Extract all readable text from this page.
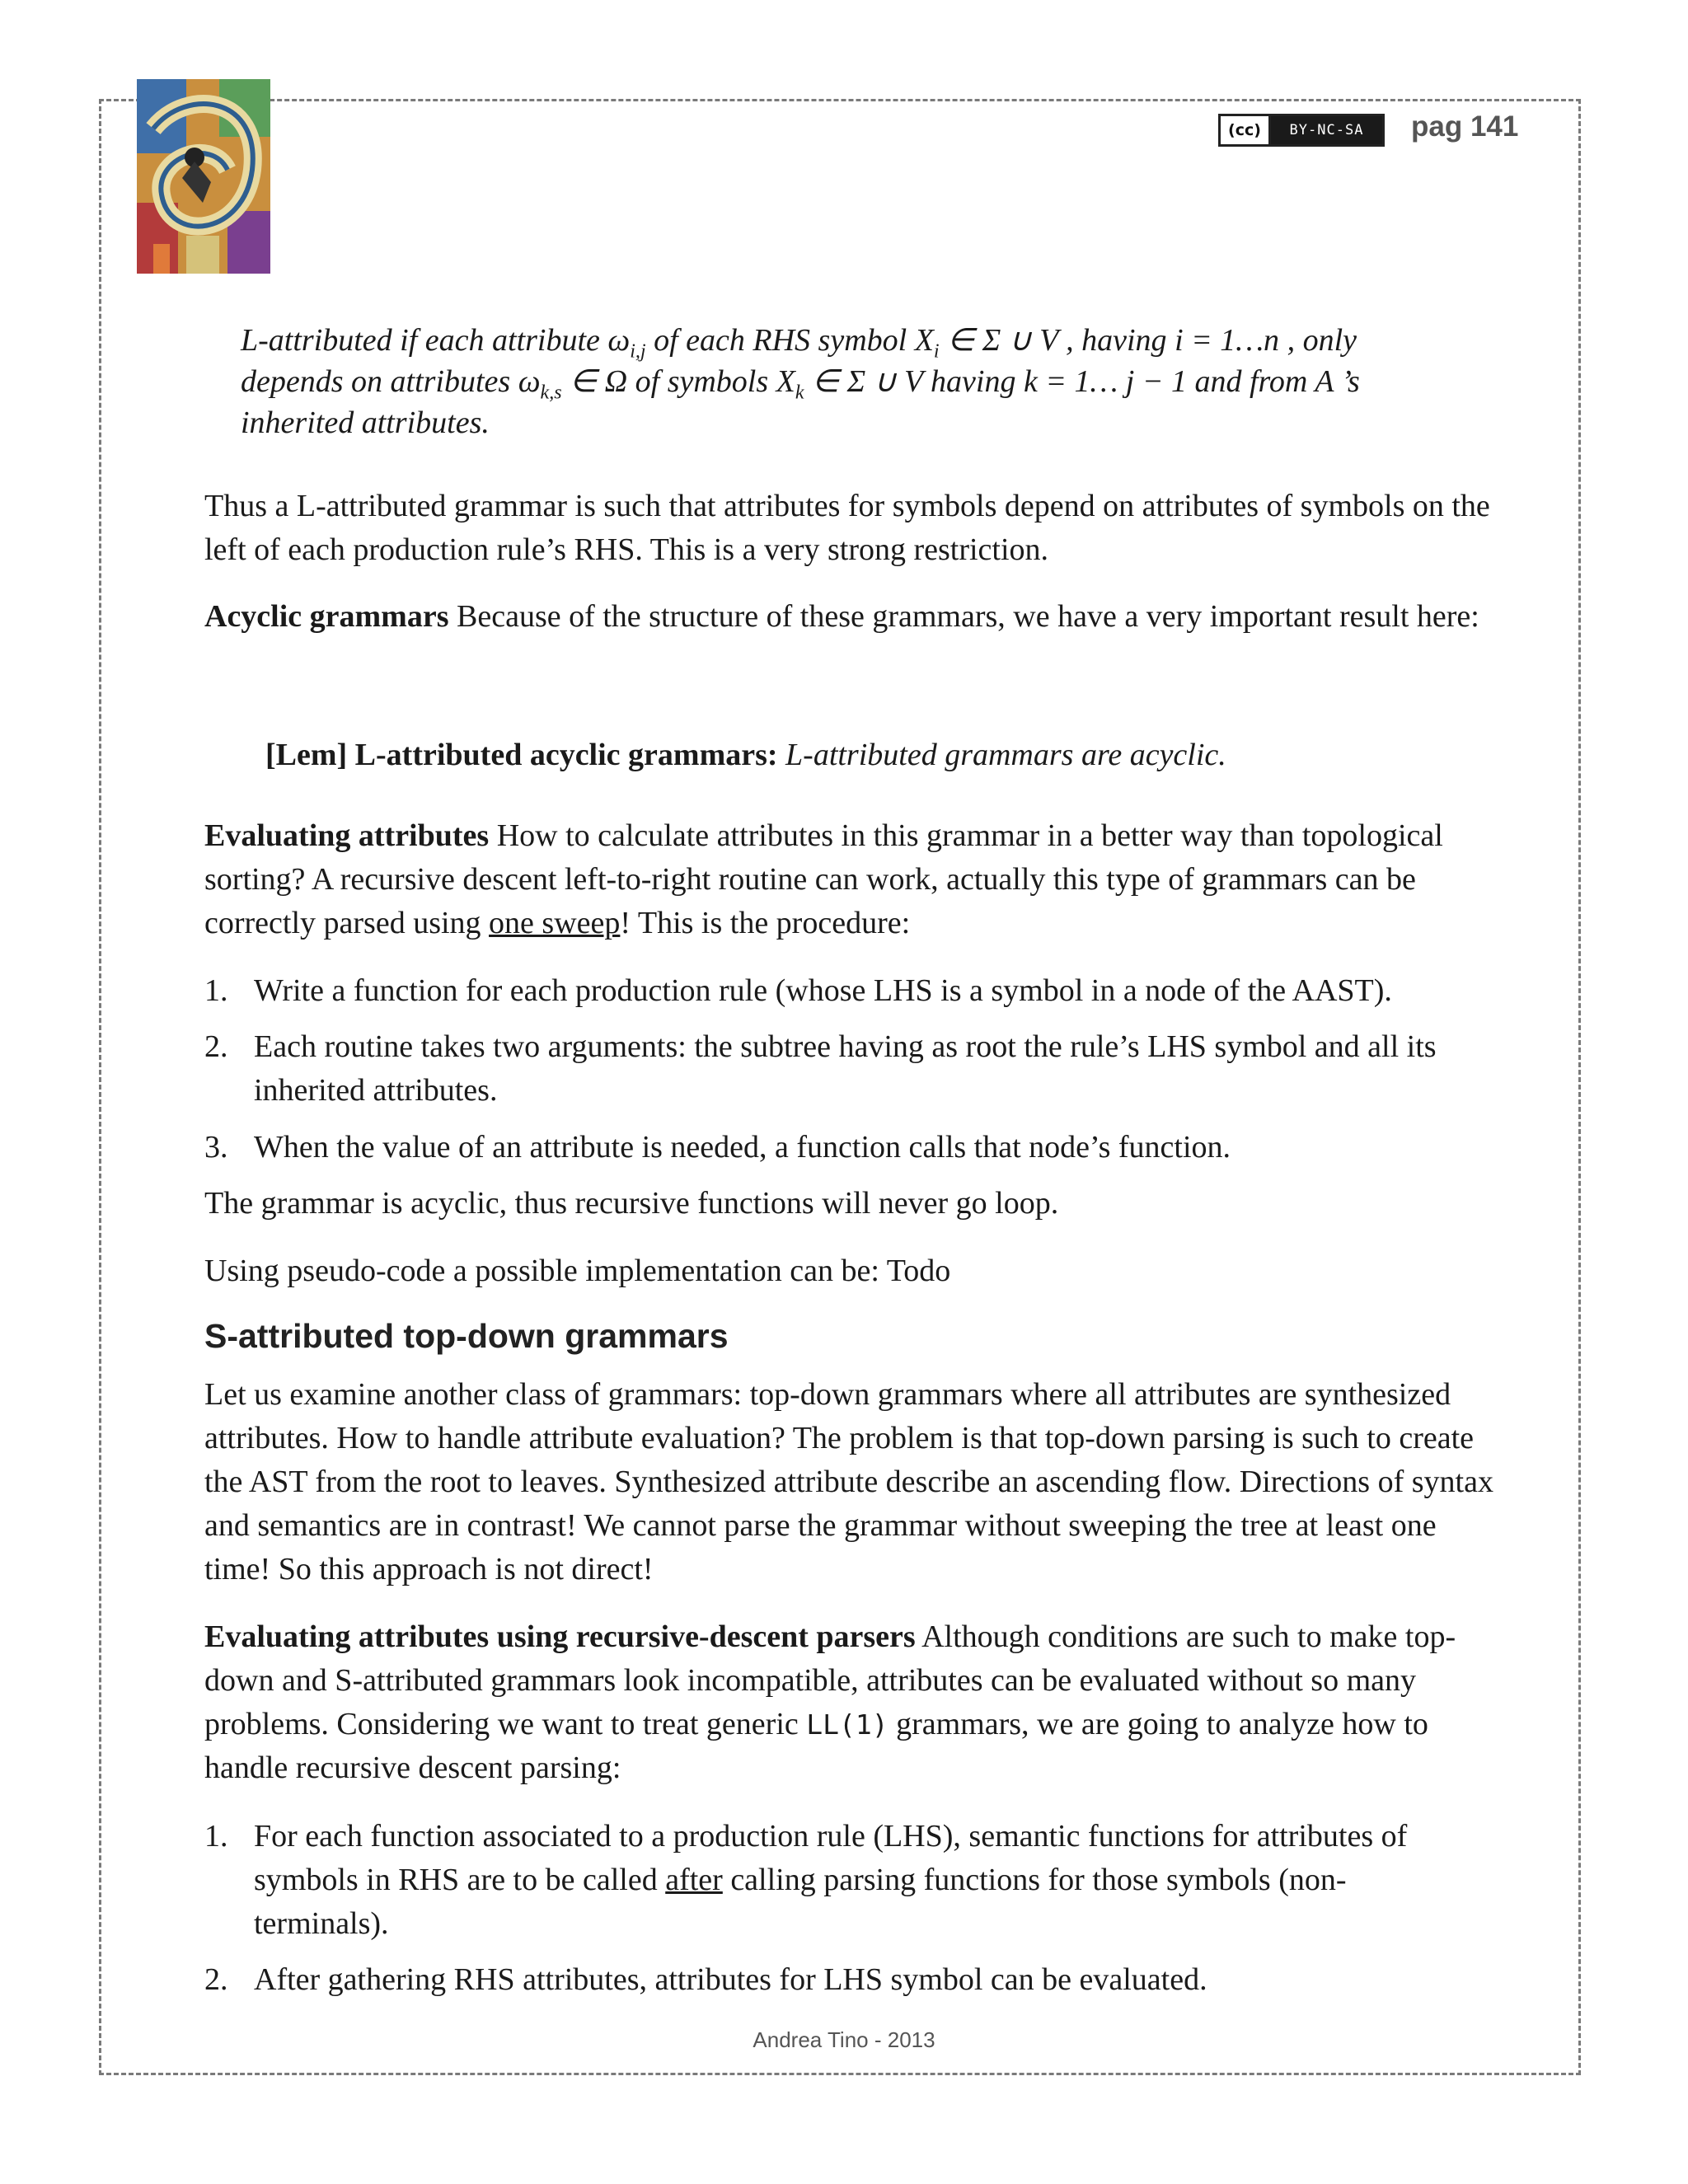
(cc)	BY-NC-SA	pag 141
L-attributed if each attribute $\omega_{i,j}$ of each RHS symbol $X_i$ ∈ Σ ∪ V , having i = 1…n , only
depends on attributes $\omega_{k,s}$ ∈ Ω of symbols $X_k$ ∈ Σ ∪ V having k = 1… j − 1 and from A ’s
inherited attributes.
Thus a L-attributed grammar is such that attributes for symbols depend on attributes of symbols on the left of each production rule’s RHS. This is a very strong restriction.
Acyclic grammars Because of the structure of these grammars, we have a very important result here:
[Lem] L-attributed acyclic grammars: L-attributed grammars are acyclic.
Evaluating attributes How to calculate attributes in this grammar in a better way than topological sorting? A recursive descent left-to-right routine can work, actually this type of grammars can be correctly parsed using one sweep! This is the procedure:
1. Write a function for each production rule (whose LHS is a symbol in a node of the AAST).
2. Each routine takes two arguments: the subtree having as root the rule’s LHS symbol and all its inherited attributes.
3. When the value of an attribute is needed, a function calls that node’s function.
The grammar is acyclic, thus recursive functions will never go loop.
Using pseudo-code a possible implementation can be: Todo
S-attributed top-down grammars
Let us examine another class of grammars: top-down grammars where all attributes are synthesized attributes. How to handle attribute evaluation? The problem is that top-down parsing is such to create the AST from the root to leaves. Synthesized attribute describe an ascending flow. Directions of syntax and semantics are in contrast! We cannot parse the grammar without sweeping the tree at least one time! So this approach is not direct!
Evaluating attributes using recursive-descent parsers Although conditions are such to make top-down and S-attributed grammars look incompatible, attributes can be evaluated without so many problems. Considering we want to treat generic LL(1) grammars, we are going to analyze how to handle recursive descent parsing:
1. For each function associated to a production rule (LHS), semantic functions for attributes of symbols in RHS are to be called after calling parsing functions for those symbols (non-terminals).
2. After gathering RHS attributes, attributes for LHS symbol can be evaluated.
Andrea Tino - 2013
